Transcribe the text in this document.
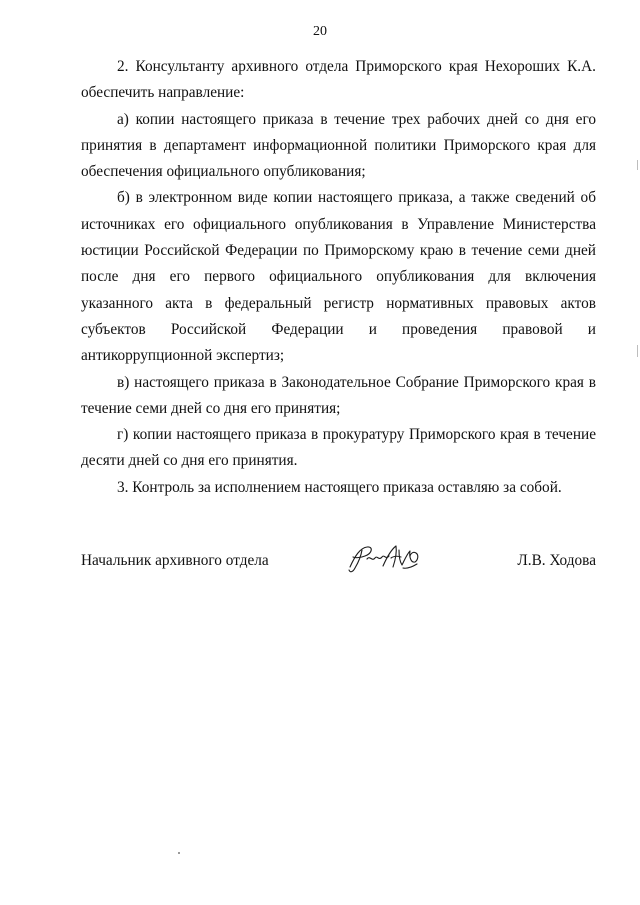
20

2. Консультанту архивного отдела Приморского края Нехороших К.А. обеспечить направление:

а) копии настоящего приказа в течение трех рабочих дней со дня его принятия в департамент информационной политики Приморского края для обеспечения официального опубликования;

б) в электронном виде копии настоящего приказа, а также сведений об источниках его официального опубликования в Управление Министерства юстиции Российской Федерации по Приморскому краю в течение семи дней после дня его первого официального опубликования для включения указанного акта в федеральный регистр нормативных правовых актов субъектов Российской Федерации и проведения правовой и антикоррупционной экспертиз;

в) настоящего приказа в Законодательное Собрание Приморского края в течение семи дней со дня его принятия;

г) копии настоящего приказа в прокуратуру Приморского края в течение десяти дней со дня его принятия.

3. Контроль за исполнением настоящего приказа оставляю за собой.

Начальник архивного отдела	Л.В. Ходова
